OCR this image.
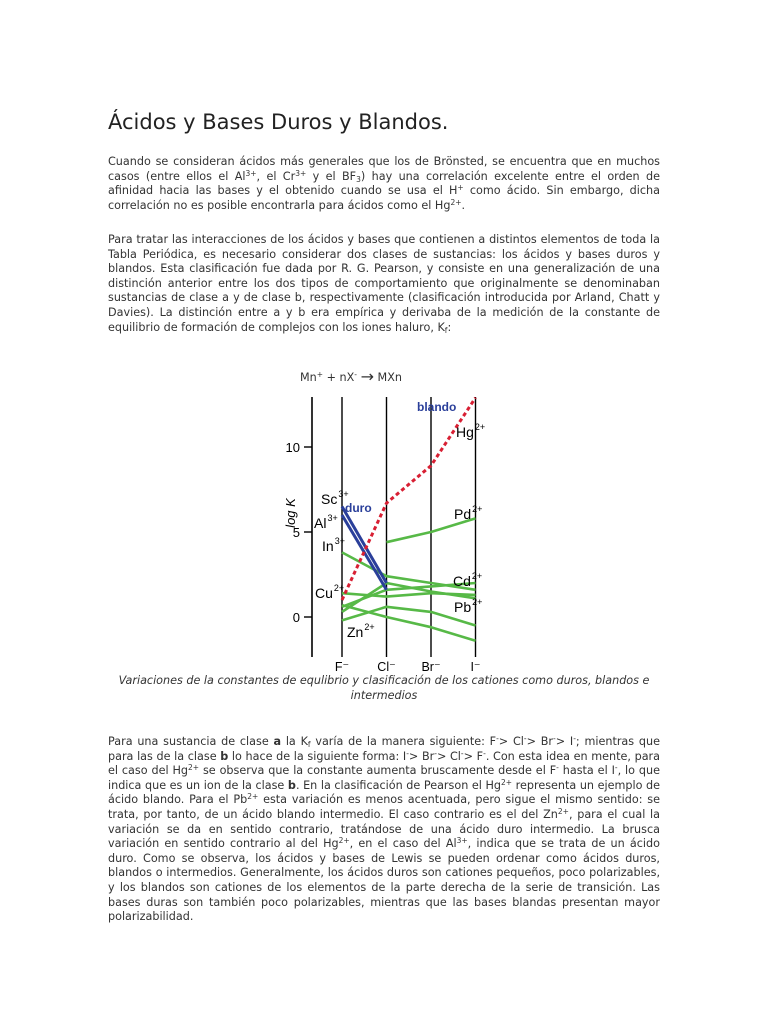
Ácidos y Bases Duros y Blandos.

Cuando se consideran ácidos más generales que los de Brönsted, se encuentra que en muchos casos (entre ellos el $Al^{3+}$, el $Cr^{3+}$ y el $BF_3$) hay una correlación excelente entre el orden de afinidad hacia las bases y el obtenido cuando se usa el H+ como ácido. Sin embargo, dicha correlación no es posible encontrarla para ácidos como el $Hg^{2+}$.

Para tratar las interacciones de los ácidos y bases que contienen a distintos elementos de toda la Tabla Periódica, es necesario considerar dos clases de sustancias: los ácidos y bases duros y blandos. Esta clasificación fue dada por R. G. Pearson, y consiste en una generalización de una distinción anterior entre los dos tipos de comportamiento que originalmente se denominaban sustancias de clase a y de clase b, respectivamente (clasificación introducida por Arland, Chatt y Davies). La distinción entre a y b era empírica y derivaba de la medición de la constante de equilibrio de formación de complejos con los iones haluro, $K_f$:

Mn+ + nX- → MXn
0
5
10
log K
F⁻ Cl⁻ Br⁻ I⁻
Hg 2+
Sc 3+
Al 3+
In 3+
Pd 2+
Cd 2+
Pb 2+
Cu 2+
Zn 2+
duro
blando

Variaciones de la constantes de equlibrio y clasificación de los cationes como duros, blandos e intermedios

Para una sustancia de clase a la $K_f$ varía de la manera siguiente: F-> Cl-> Br-> I-; mientras que para las de la clase b lo hace de la siguiente forma: I-> Br-> Cl-> F-. Con esta idea en mente, para el caso del $Hg^{2+}$ se observa que la constante aumenta bruscamente desde el F- hasta el I-, lo que indica que es un ion de la clase b. En la clasificación de Pearson el $Hg^{2+}$ representa un ejemplo de ácido blando. Para el $Pb^{2+}$ esta variación es menos acentuada, pero sigue el mismo sentido: se trata, por tanto, de un ácido blando intermedio. El caso contrario es el del $Zn^{2+}$, para el cual la variación se da en sentido contrario, tratándose de una ácido duro intermedio. La brusca variación en sentido contrario al del $Hg^{2+}$, en el caso del $Al^{3+}$, indica que se trata de un ácido duro. Como se observa, los ácidos y bases de Lewis se pueden ordenar como ácidos duros, blandos o intermedios. Generalmente, los ácidos duros son cationes pequeños, poco polarizables, y los blandos son cationes de los elementos de la parte derecha de la serie de transición. Las bases duras son también poco polarizables, mientras que las bases blandas presentan mayor polarizabilidad.
